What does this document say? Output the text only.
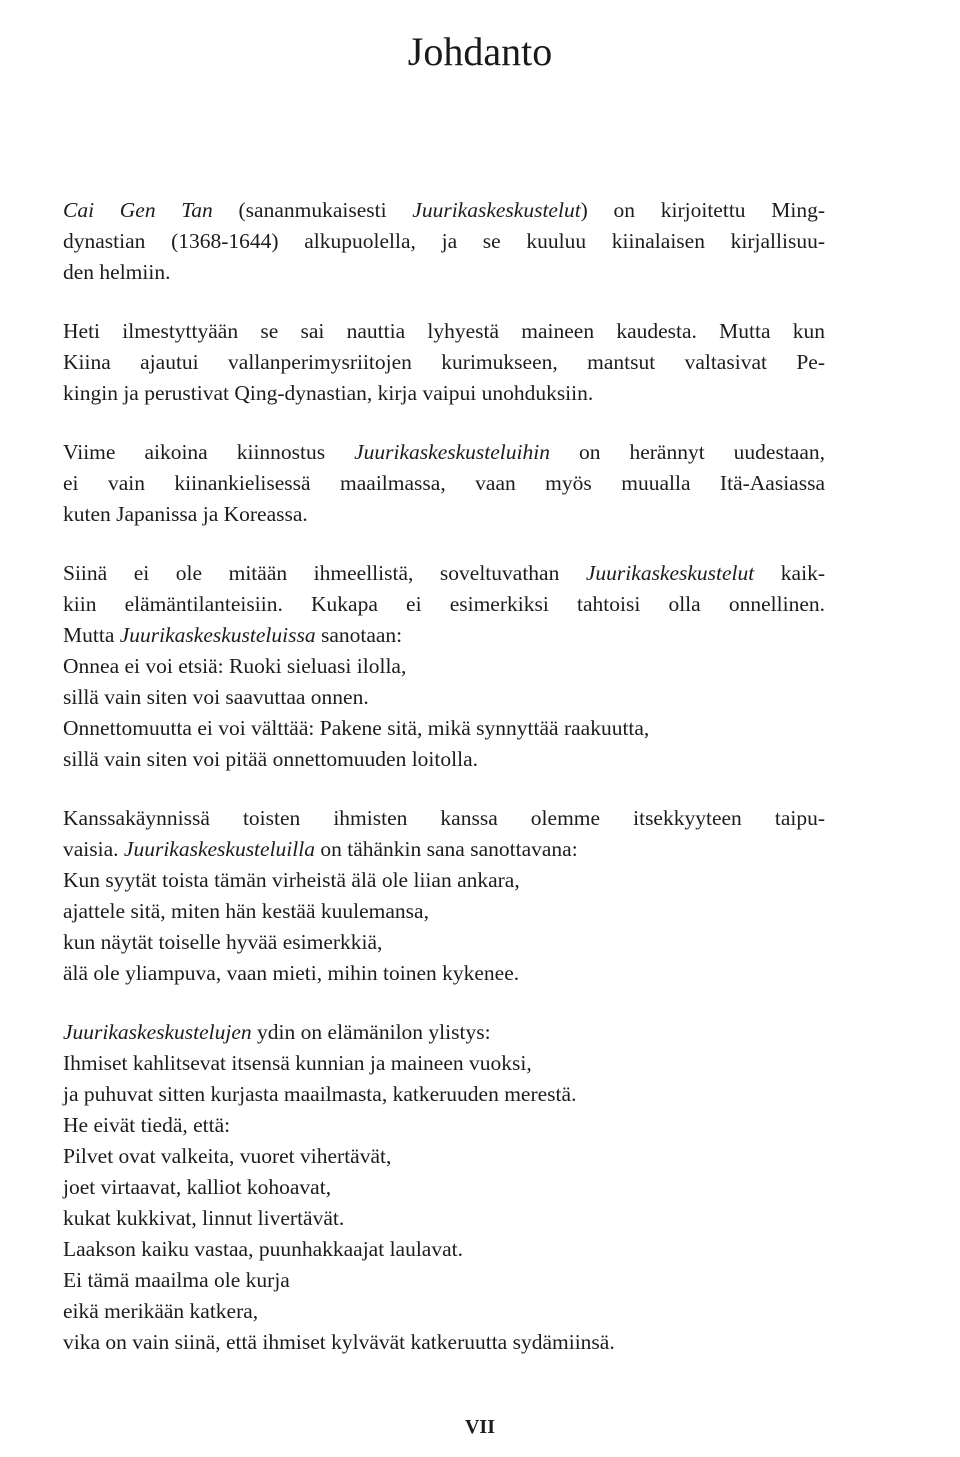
Johdanto

Cai Gen Tan (sananmukaisesti Juurikaskeskustelut) on kirjoitettu Ming-
dynastian (1368-1644) alkupuolella, ja se kuuluu kiinalaisen kirjallisuu-
den helmiin.

Heti ilmestyttyään se sai nauttia lyhyestä maineen kaudesta. Mutta kun
Kiina ajautui vallanperimysriitojen kurimukseen, mantsut valtasivat Pe-
kingin ja perustivat Qing-dynastian, kirja vaipui unohduksiin.

Viime aikoina kiinnostus Juurikaskeskusteluihin on herännyt uudestaan,
ei vain kiinankielisessä maailmassa, vaan myös muualla Itä-Aasiassa
kuten Japanissa ja Koreassa.

Siinä ei ole mitään ihmeellistä, soveltuvathan Juurikaskeskustelut kaik-
kiin elämäntilanteisiin. Kukapa ei esimerkiksi tahtoisi olla onnellinen.
Mutta Juurikaskeskusteluissa sanotaan:
Onnea ei voi etsiä: Ruoki sieluasi ilolla,
sillä vain siten voi saavuttaa onnen.
Onnettomuutta ei voi välttää: Pakene sitä, mikä synnyttää raakuutta,
sillä vain siten voi pitää onnettomuuden loitolla.

Kanssakäynnissä toisten ihmisten kanssa olemme itsekkyyteen taipu-
vaisia. Juurikaskeskusteluilla on tähänkin sana sanottavana:
Kun syytät toista tämän virheistä älä ole liian ankara,
ajattele sitä, miten hän kestää kuulemansa,
kun näytät toiselle hyvää esimerkkiä,
älä ole yliampuva, vaan mieti, mihin toinen kykenee.

Juurikaskeskustelujen ydin on elämänilon ylistys:
Ihmiset kahlitsevat itsensä kunnian ja maineen vuoksi,
ja puhuvat sitten kurjasta maailmasta, katkeruuden merestä.
He eivät tiedä, että:
Pilvet ovat valkeita, vuoret vihertävät,
joet virtaavat, kalliot kohoavat,
kukat kukkivat, linnut livertävät.
Laakson kaiku vastaa, puunhakkaajat laulavat.
Ei tämä maailma ole kurja
eikä merikään katkera,
vika on vain siinä, että ihmiset kylvävät katkeruutta sydämiinsä.

VII
